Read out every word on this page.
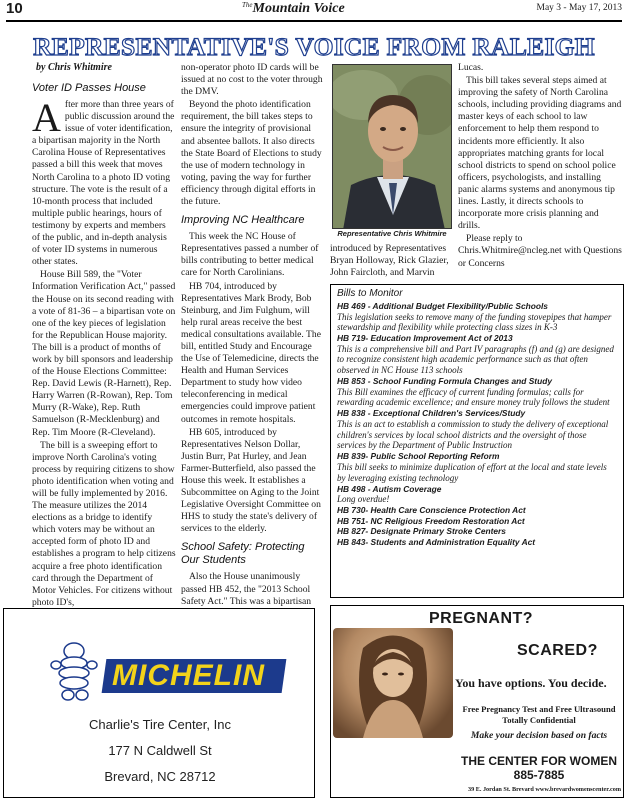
10	$^{The}$Mountain Voice	May 3 - May 17, 2013
REPRESENTATIVE'S VOICE FROM RALEIGH
by Chris Whitmire
Voter ID Passes House

After more than three years of public discussion around the issue of voter identification, a bipartisan majority in the North Carolina House of Representatives passed a bill this week that moves North Carolina to a photo ID voting structure. The vote is the result of a 10-month process that included multiple public hearings, hours of testimony by experts and members of the public, and in-depth analysis of voter ID systems in numerous other states.

House Bill 589, the "Voter Information Verification Act," passed the House on its second reading with a vote of 81-36 – a bipartisan vote on one of the key pieces of legislation for the Republican House majority. The bill is a product of months of work by bill sponsors and leadership of the House Elections Committee: Rep. David Lewis (R-Harnett), Rep. Harry Warren (R-Rowan), Rep. Tom Murry (R-Wake), Rep. Ruth Samuelson (R-Mecklenburg) and Rep. Tim Moore (R-Cleveland).

The bill is a sweeping effort to improve North Carolina's voting process by requiring citizens to show photo identification when voting and will be fully implemented by 2016. The measure utilizes the 2014 elections as a bridge to identify which voters may be without an accepted form of photo ID and establishes a program to help citizens acquire a free photo identification card through the Department of Motor Vehicles. For citizens without photo ID's,

non-operator photo ID cards will be issued at no cost to the voter through the DMV.

Beyond the photo identification requirement, the bill takes steps to ensure the integrity of provisional and absentee ballots. It also directs the State Board of Elections to study the use of modern technology in voting, paving the way for further efficiency through digital efforts in the future.

Improving NC Healthcare

This week the NC House of Representatives passed a number of bills contributing to better medical care for North Carolinians.

HB 704, introduced by Representatives Mark Brody, Bob Steinburg, and Jim Fulghum, will help rural areas receive the best medical consultations available. The bill, entitled Study and Encourage the Use of Telemedicine, directs the Health and Human Services Department to study how video teleconferencing in medical emergencies could improve patient outcomes in remote hospitals.

HB 605, introduced by Representatives Nelson Dollar, Justin Burr, Pat Hurley, and Jean Farmer-Butterfield, also passed the House this week. It establishes a Subcommittee on Aging to the Joint Legislative Oversight Committee on HHS to study the state's delivery of services to the elderly.

School Safety: Protecting Our Students

Also the House unanimously passed HB 452, the "2013 School Safety Act." This was a bipartisan

Representative Chris Whitmire

introduced by Representatives Bryan Holloway, Rick Glazier, John Faircloth, and Marvin

Lucas.

This bill takes several steps aimed at improving the safety of North Carolina schools, including providing diagrams and master keys of each school to law enforcement to help them respond to incidents more efficiently. It also appropriates matching grants for local school districts to spend on school police officers, psychologists, and installing panic alarms systems and anonymous tip lines. Lastly, it directs schools to incorporate more crisis planning and drills.

Please reply to Chris.Whitmire@ncleg.net with Questions or Concerns

Bills to Monitor
HB 469 - Additional Budget Flexibility/Public Schools
This legislation seeks to remove many of the funding stovepipes that hamper stewardship and flexibility while protecting class sizes in K-3
HB 719- Education Improvement Act of 2013
This is a comprehensive bill and Part IV paragraphs (f) and (g) are designed to recognize consistent high academic performance such as that often observed in NC House 113 schools
HB 853 - School Funding Formula Changes and Study
This Bill examines the efficacy of current funding formulas; calls for rewarding academic excellence; and ensure money truly follows the student
HB 838 - Exceptional Children's Services/Study
This is an act to establish a commission to study the delivery of exceptional children's services by local school districts and the oversight of those services by the Department of Public Instruction
HB 839- Public School Reporting Reform
This bill seeks to minimize duplication of effort at the local and state levels by leveraging existing technology
HB 498 - Autism Coverage
Long overdue!
HB 730- Health Care Conscience Protection Act
HB 751- NC Religious Freedom Restoration Act
HB 827- Designate Primary Stroke Centers
HB 843- Students and Administration Equality Act
MICHELIN
Charlie's Tire Center, Inc
177 N Caldwell St
Brevard, NC 28712
PREGNANT?
SCARED?
You have options. You decide.
Free Pregnancy Test and Free Ultrasound
Totally Confidential
Make your decision based on facts
THE CENTER FOR WOMEN
885-7885
39 E. Jordan St. Brevard www.brevardwomenscenter.com
